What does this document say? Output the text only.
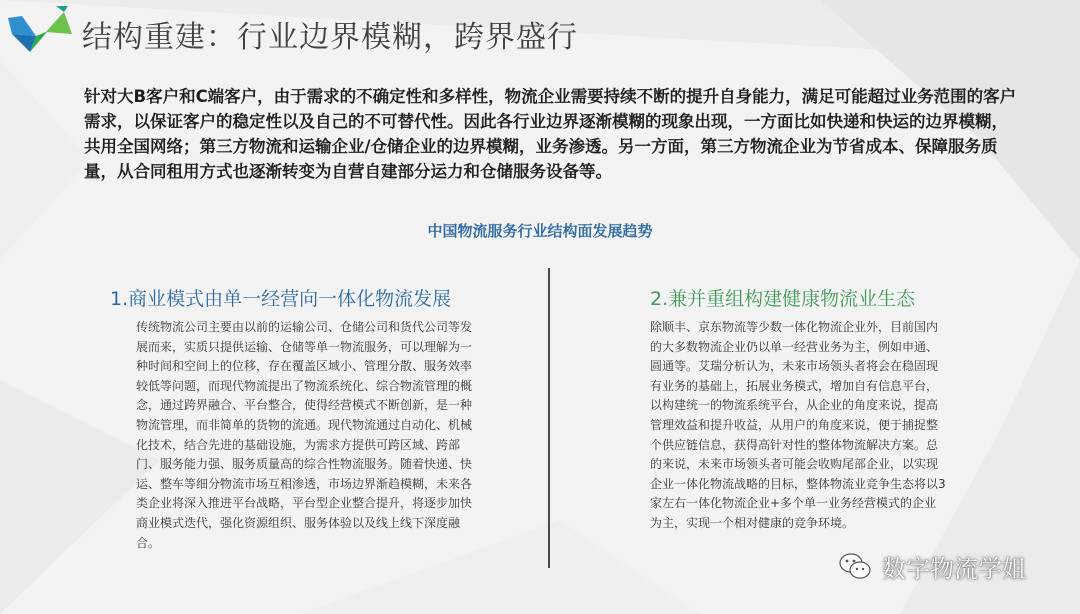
结构重建：行业边界模糊，跨界盛行
针对大B客户和C端客户，由于需求的不确定性和多样性，物流企业需要持续不断的提升自身能力，满足可能超过业务范围的客户需求，以保证客户的稳定性以及自己的不可替代性。因此各行业边界逐渐模糊的现象出现，一方面比如快递和快运的边界模糊，共用全国网络；第三方物流和运输企业/仓储企业的边界模糊，业务渗透。另一方面，第三方物流企业为节省成本、保障服务质量，从合同租用方式也逐渐转变为自营自建部分运力和仓储服务设备等。
中国物流服务行业结构面发展趋势
1.商业模式由单一经营向一体化物流发展
传统物流公司主要由以前的运输公司、仓储公司和货代公司等发展而来，实质只提供运输、仓储等单一物流服务，可以理解为一种时间和空间上的位移，存在覆盖区域小、管理分散、服务效率较低等问题，而现代物流提出了物流系统化、综合物流管理的概念，通过跨界融合、平台整合，使得经营模式不断创新，是一种物流管理，而非简单的货物的流通。现代物流通过自动化、机械化技术，结合先进的基础设施，为需求方提供可跨区域、跨部门、服务能力强、服务质量高的综合性物流服务。随着快递、快运、整车等细分物流市场互相渗透，市场边界渐趋模糊，未来各类企业将深入推进平台战略，平台型企业整合提升，将逐步加快商业模式迭代，强化资源组织、服务体验以及线上线下深度融合。
2.兼并重组构建健康物流业生态
除顺丰、京东物流等少数一体化物流企业外，目前国内的大多数物流企业仍以单一经营业务为主，例如申通、圆通等。艾瑞分析认为，未来市场领头者将会在稳固现有业务的基础上，拓展业务模式，增加自有信息平台，以构建统一的物流系统平台，从企业的角度来说，提高管理效益和提升收益，从用户的角度来说，便于捕捉整个供应链信息，获得高针对性的整体物流解决方案。总的来说，未来市场领头者可能会收购尾部企业，以实现企业一体化物流战略的目标，整体物流业竞争生态将以3家左右一体化物流企业+多个单一业务经营模式的企业为主，实现一个相对健康的竞争环境。
数字物流学姐
